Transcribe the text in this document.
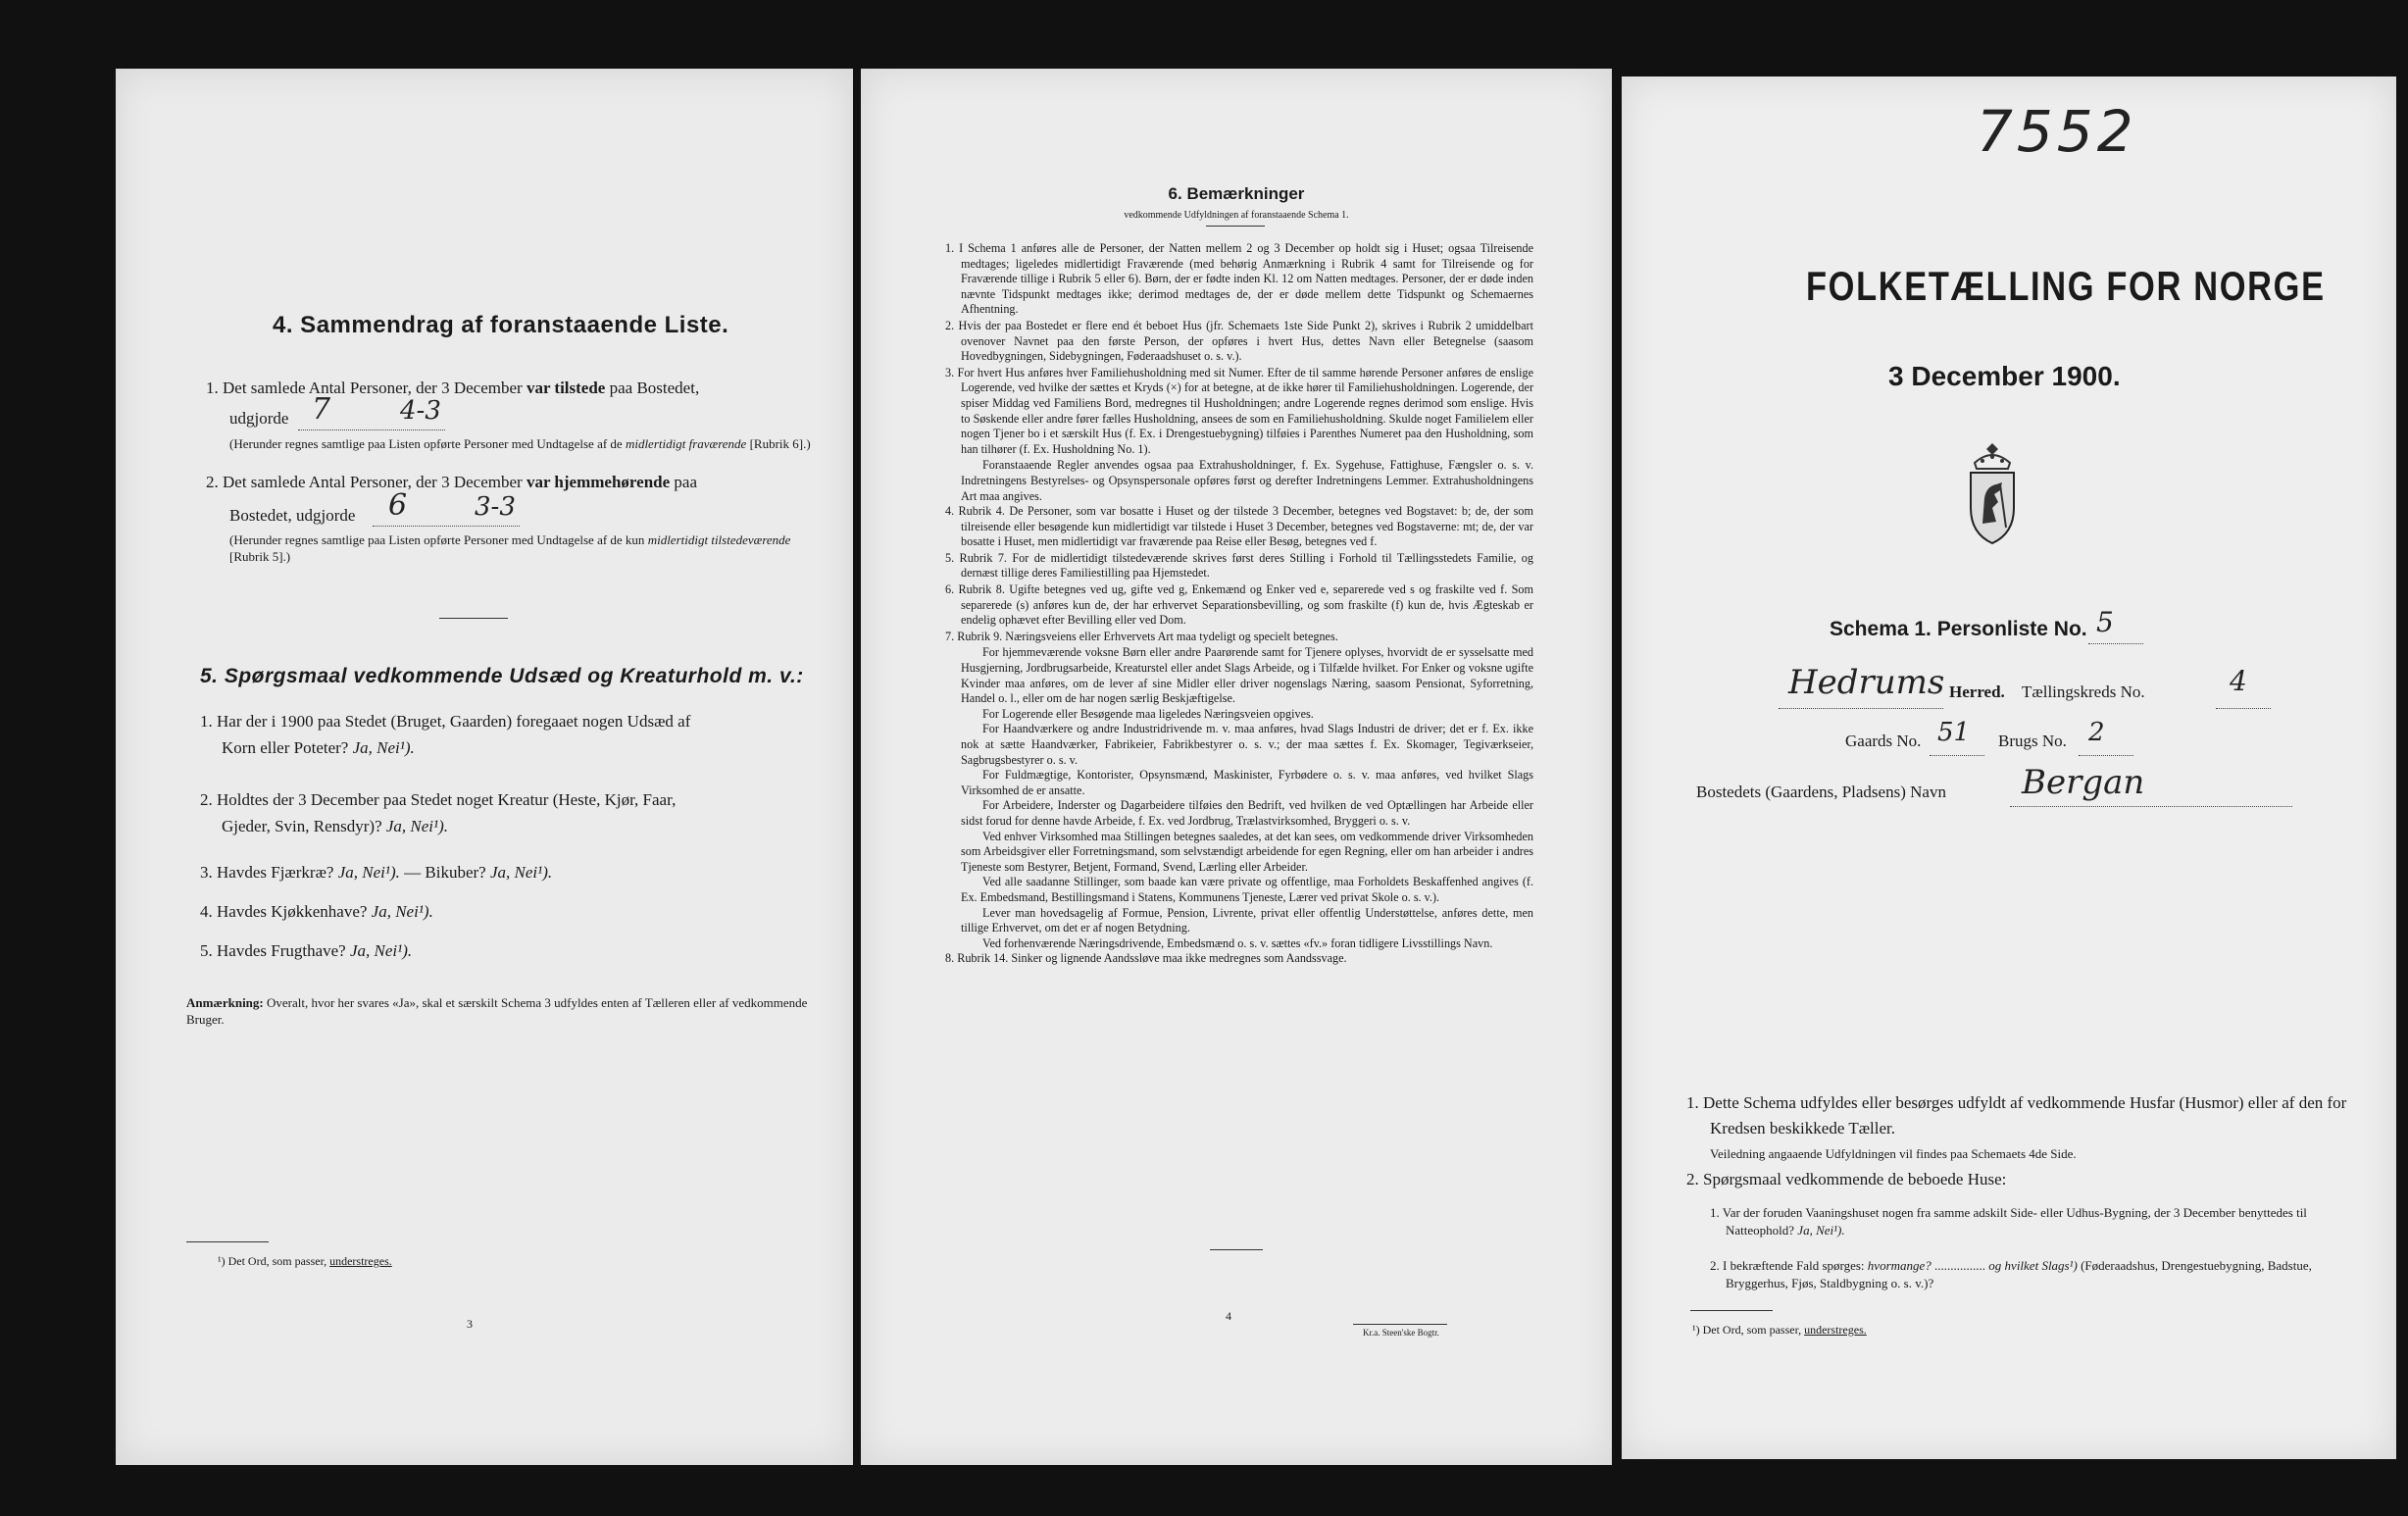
4. Sammendrag af foranstaaende Liste.
1. Det samlede Antal Personer, der 3 December var tilstede paa Bostedet,
udgjorde 7	4-3
(Herunder regnes samtlige paa Listen opførte Personer med Undtagelse af de midlertidigt fraværende [Rubrik 6].)
2. Det samlede Antal Personer, der 3 December var hjemmehørende paa
Bostedet, udgjorde 6	3-3
(Herunder regnes samtlige paa Listen opførte Personer med Undtagelse af de kun midlertidigt tilstedeværende [Rubrik 5].)
5. Spørgsmaal vedkommende Udsæd og Kreaturhold m. v.:
1. Har der i 1900 paa Stedet (Bruget, Gaarden) foregaaet nogen Udsæd af
Korn eller Poteter? Ja, Nei¹).
2. Holdtes der 3 December paa Stedet noget Kreatur (Heste, Kjør, Faar,
Gjeder, Svin, Rensdyr)? Ja, Nei¹).
3. Havdes Fjærkræ? Ja, Nei¹). — Bikuber? Ja, Nei¹).
4. Havdes Kjøkkenhave? Ja, Nei¹).
5. Havdes Frugthave? Ja, Nei¹).
Anmærkning: Overalt, hvor her svares «Ja», skal et særskilt Schema 3 udfyldes enten af Tælleren eller af vedkommende Bruger.
¹) Det Ord, som passer, understreges.
3
6. Bemærkninger
vedkommende Udfyldningen af foranstaaende Schema 1.

1. I Schema 1 anføres alle de Personer, der Natten mellem 2 og 3 December op holdt sig i Huset; ogsaa Tilreisende medtages; ligeledes midlertidigt Fraværende (med behørig Anmærkning i Rubrik 4 samt for Tilreisende og for Fraværende tillige i Rubrik 5 eller 6). Børn, der er fødte inden Kl. 12 om Natten medtages. Personer, der er døde inden nævnte Tidspunkt medtages ikke; derimod medtages de, der er døde mellem dette Tidspunkt og Schemaernes Afhentning.

2. Hvis der paa Bostedet er flere end ét beboet Hus (jfr. Schemaets 1ste Side Punkt 2), skrives i Rubrik 2 umiddelbart ovenover Navnet paa den første Person, der opføres i hvert Hus, dettes Navn eller Betegnelse (saasom Hovedbygningen, Sidebygningen, Føderaadshuset o. s. v.).

3. For hvert Hus anføres hver Familiehusholdning med sit Numer. Efter de til samme hørende Personer anføres de enslige Logerende, ved hvilke der sættes et Kryds (×) for at betegne, at de ikke hører til Familiehusholdningen. Logerende, der spiser Middag ved Familiens Bord, medregnes til Husholdningen; andre Logerende regnes derimod som enslige. Hvis to Søskende eller andre fører fælles Husholdning, ansees de som en Familiehusholdning. Skulde noget Familielem eller nogen Tjener bo i et særskilt Hus (f. Ex. i Drengestuebygning) tilføies i Parenthes Numeret paa den Husholdning, som han tilhører (f. Ex. Husholdning No. 1).

Foranstaaende Regler anvendes ogsaa paa Extrahusholdninger, f. Ex. Sygehuse, Fattighuse, Fængsler o. s. v. Indretningens Bestyrelses- og Opsynspersonale opføres først og derefter Indretningens Lemmer. Extrahusholdningens Art maa angives.

4. Rubrik 4. De Personer, som var bosatte i Huset og der tilstede 3 December, betegnes ved Bogstavet: b; de, der som tilreisende eller besøgende kun midlertidigt var tilstede i Huset 3 December, betegnes ved Bogstaverne: mt; de, der var bosatte i Huset, men midlertidigt var fraværende paa Reise eller Besøg, betegnes ved f.

5. Rubrik 7. For de midlertidigt tilstedeværende skrives først deres Stilling i Forhold til Tællingsstedets Familie, og dernæst tillige deres Familiestilling paa Hjemstedet.

6. Rubrik 8. Ugifte betegnes ved ug, gifte ved g, Enkemænd og Enker ved e, separerede ved s og fraskilte ved f. Som separerede (s) anføres kun de, der har erhvervet Separationsbevilling, og som fraskilte (f) kun de, hvis Ægteskab er endelig ophævet efter Bevilling eller ved Dom.

7. Rubrik 9. Næringsveiens eller Erhvervets Art maa tydeligt og specielt betegnes.

For hjemmeværende voksne Børn eller andre Paarørende samt for Tjenere oplyses, hvorvidt de er sysselsatte med Husgjerning, Jordbrugsarbeide, Kreaturstel eller andet Slags Arbeide, og i Tilfælde hvilket. For Enker og voksne ugifte Kvinder maa anføres, om de lever af sine Midler eller driver nogenslags Næring, saasom Pensionat, Syforretning, Handel o. l., eller om de har nogen særlig Beskjæftigelse.

For Logerende eller Besøgende maa ligeledes Næringsveien opgives.

For Haandværkere og andre Industridrivende m. v. maa anføres, hvad Slags Industri de driver; det er f. Ex. ikke nok at sætte Haandværker, Fabrikeier, Fabrikbestyrer o. s. v.; der maa sættes f. Ex. Skomager, Tegiværkseier, Sagbrugsbestyrer o. s. v.

For Fuldmægtige, Kontorister, Opsynsmænd, Maskinister, Fyrbødere o. s. v. maa anføres, ved hvilket Slags Virksomhed de er ansatte.

For Arbeidere, Inderster og Dagarbeidere tilføies den Bedrift, ved hvilken de ved Optællingen har Arbeide eller sidst forud for denne havde Arbeide, f. Ex. ved Jordbrug, Trælastvirksomhed, Bryggeri o. s. v.

Ved enhver Virksomhed maa Stillingen betegnes saaledes, at det kan sees, om vedkommende driver Virksomheden som Arbeidsgiver eller Forretningsmand, som selvstændigt arbeidende for egen Regning, eller om han arbeider i andres Tjeneste som Bestyrer, Betjent, Formand, Svend, Lærling eller Arbeider.

Ved alle saadanne Stillinger, som baade kan være private og offentlige, maa Forholdets Beskaffenhed angives (f. Ex. Embedsmand, Bestillingsmand i Statens, Kommunens Tjeneste, Lærer ved privat Skole o. s. v.).

Lever man hovedsagelig af Formue, Pension, Livrente, privat eller offentlig Understøttelse, anføres dette, men tillige Erhvervet, om det er af nogen Betydning.

Ved forhenværende Næringsdrivende, Embedsmænd o. s. v. sættes «fv.» foran tidligere Livsstillings Navn.

8. Rubrik 14. Sinker og lignende Aandssløve maa ikke medregnes som Aandssvage.

4
Kr.a. Steen'ske Bogtr.
7552
FOLKETÆLLING FOR NORGE
3 December 1900.
Schema 1. Personliste No. 5
Hedrums Herred. Tællingskreds No.	4
Gaards No. 51 Brugs No. 2
Bostedets (Gaardens, Pladsens) Navn Bergan
1. Dette Schema udfyldes eller besørges udfyldt af vedkommende Husfar (Husmor) eller af den for Kredsen beskikkede Tæller.
Veiledning angaaende Udfyldningen vil findes paa Schemaets 4de Side.
2. Spørgsmaal vedkommende de beboede Huse:
1. Var der foruden Vaaningshuset nogen fra samme adskilt Side- eller Udhus-Bygning, der 3 December benyttedes til Natteophold? Ja, Nei¹).
2. I bekræftende Fald spørges: hvormange? ................ og hvilket Slags¹) (Føderaadshus, Drengestuebygning, Badstue, Bryggerhus, Fjøs, Staldbygning o. s. v.)?
¹) Det Ord, som passer, understreges.
